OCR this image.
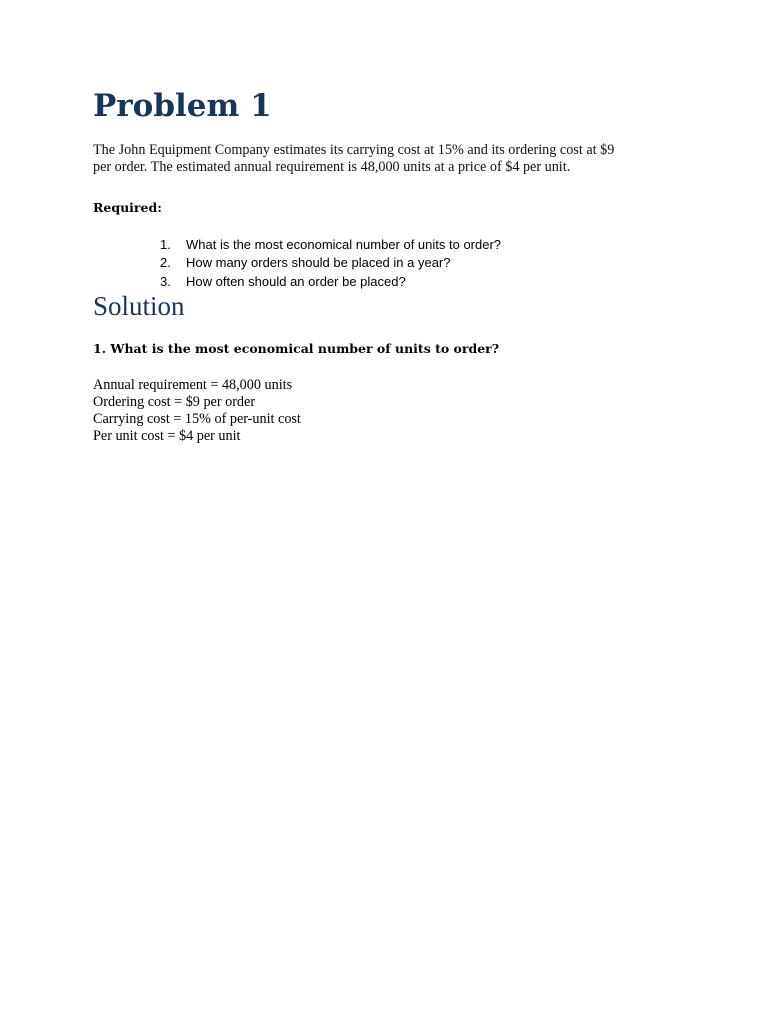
Problem 1

The John Equipment Company estimates its carrying cost at 15% and its ordering cost at $9
per order. The estimated annual requirement is 48,000 units at a price of $4 per unit.

Required:

1.	What is the most economical number of units to order?
2.	How many orders should be placed in a year?
3.	How often should an order be placed?
Solution

1. What is the most economical number of units to order?

Annual requirement = 48,000 units
Ordering cost = $9 per order
Carrying cost = 15% of per-unit cost
Per unit cost = $4 per unit
